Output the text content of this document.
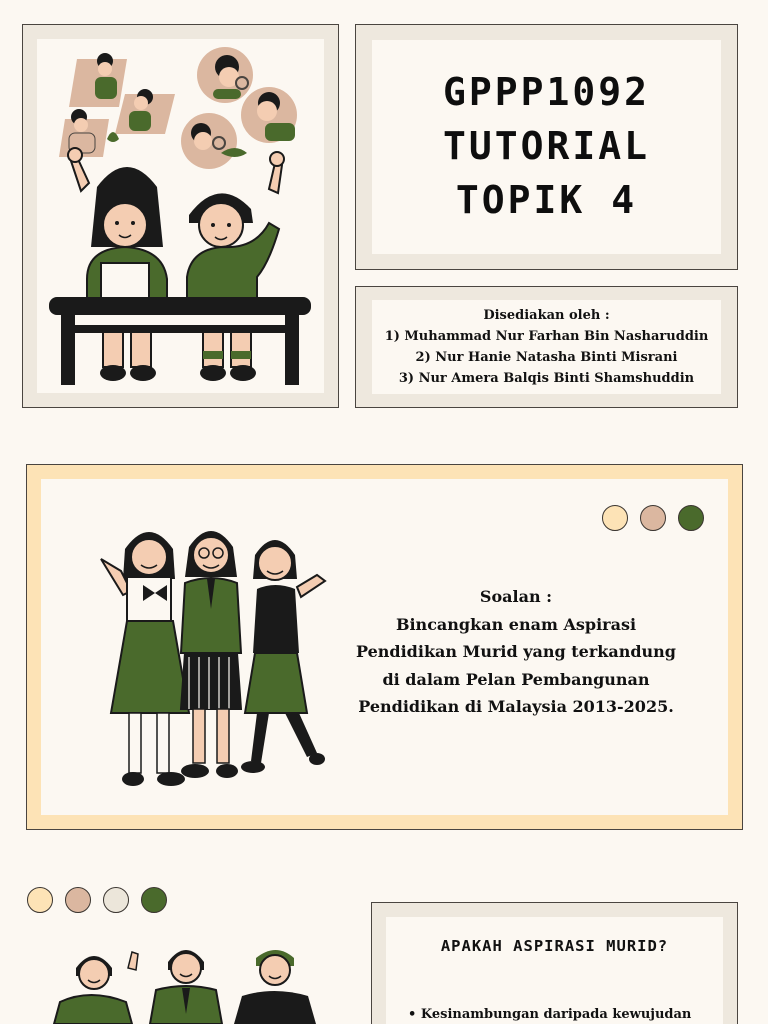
GPPP1092
TUTORIAL
TOPIK 4
Disediakan oleh :
1) Muhammad Nur Farhan Bin Nasharuddin
2) Nur Hanie Natasha Binti Misrani
3) Nur Amera Balqis Binti Shamshuddin
Soalan :
Bincangkan enam Aspirasi
Pendidikan Murid yang terkandung
di dalam Pelan Pembangunan
Pendidikan di Malaysia 2013-2025.
APAKAH ASPIRASI MURID?
• Kesinambungan daripada kewujudan
